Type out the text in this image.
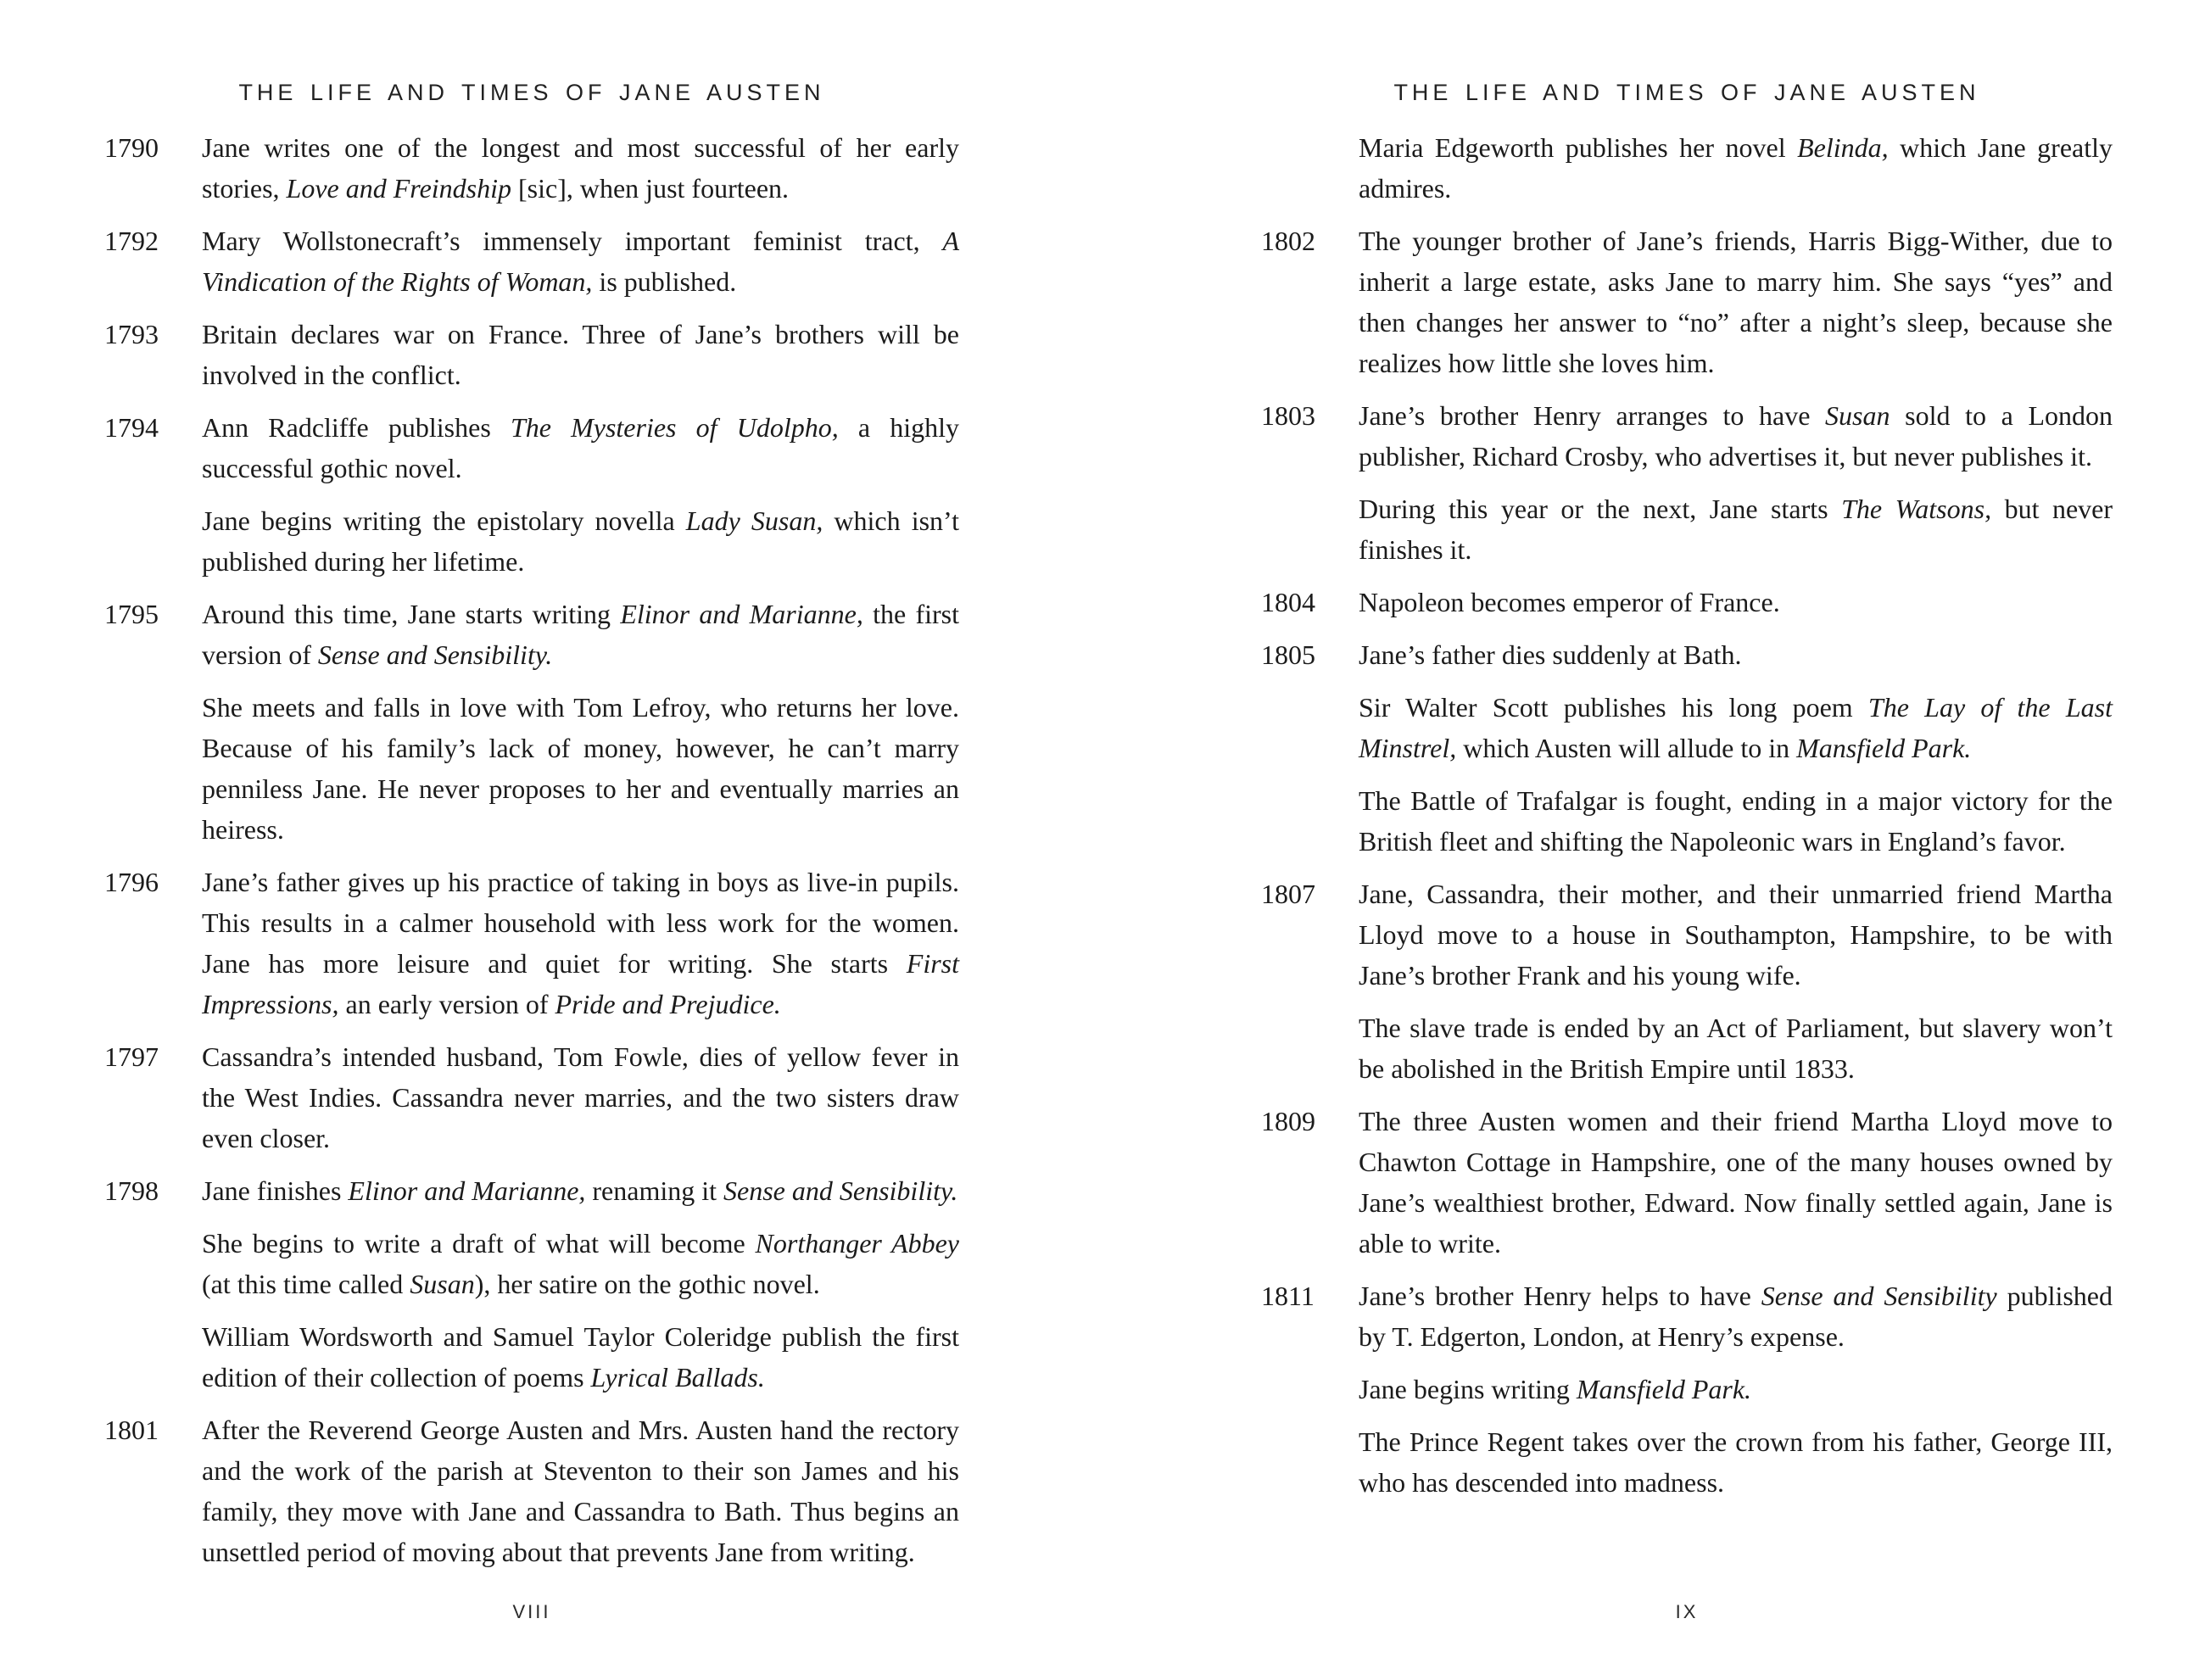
THE LIFE AND TIMES OF JANE AUSTEN
1790	Jane writes one of the longest and most successful of her early stories, Love and Freindship [sic], when just fourteen.
1792	Mary Wollstonecraft’s immensely important feminist tract, A Vindication of the Rights of Woman, is published.
1793	Britain declares war on France. Three of Jane’s brothers will be involved in the conflict.
1794	Ann Radcliffe publishes The Mysteries of Udolpho, a highly successful gothic novel.
Jane begins writing the epistolary novella Lady Susan, which isn’t published during her lifetime.
1795	Around this time, Jane starts writing Elinor and Marianne, the first version of Sense and Sensibility.
She meets and falls in love with Tom Lefroy, who returns her love. Because of his family’s lack of money, however, he can’t marry penniless Jane. He never proposes to her and eventually marries an heiress.
1796	Jane’s father gives up his practice of taking in boys as live-in pupils. This results in a calmer household with less work for the women. Jane has more leisure and quiet for writing. She starts First Impressions, an early version of Pride and Prejudice.
1797	Cassandra’s intended husband, Tom Fowle, dies of yellow fever in the West Indies. Cassandra never marries, and the two sisters draw even closer.
1798	Jane finishes Elinor and Marianne, renaming it Sense and Sensibility.
She begins to write a draft of what will become Northanger Abbey (at this time called Susan), her satire on the gothic novel.
William Wordsworth and Samuel Taylor Coleridge publish the first edition of their collection of poems Lyrical Ballads.
1801	After the Reverend George Austen and Mrs. Austen hand the rectory and the work of the parish at Steventon to their son James and his family, they move with Jane and Cassandra to Bath. Thus begins an unsettled period of moving about that prevents Jane from writing.
VIII
THE LIFE AND TIMES OF JANE AUSTEN
Maria Edgeworth publishes her novel Belinda, which Jane greatly admires.
1802	The younger brother of Jane’s friends, Harris Bigg-Wither, due to inherit a large estate, asks Jane to marry him. She says “yes” and then changes her answer to “no” after a night’s sleep, because she realizes how little she loves him.
1803	Jane’s brother Henry arranges to have Susan sold to a London publisher, Richard Crosby, who advertises it, but never publishes it.
During this year or the next, Jane starts The Watsons, but never finishes it.
1804	Napoleon becomes emperor of France.
1805	Jane’s father dies suddenly at Bath.
Sir Walter Scott publishes his long poem The Lay of the Last Minstrel, which Austen will allude to in Mansfield Park.
The Battle of Trafalgar is fought, ending in a major victory for the British fleet and shifting the Napoleonic wars in England’s favor.
1807	Jane, Cassandra, their mother, and their unmarried friend Martha Lloyd move to a house in Southampton, Hampshire, to be with Jane’s brother Frank and his young wife.
The slave trade is ended by an Act of Parliament, but slavery won’t be abolished in the British Empire until 1833.
1809	The three Austen women and their friend Martha Lloyd move to Chawton Cottage in Hampshire, one of the many houses owned by Jane’s wealthiest brother, Edward. Now finally settled again, Jane is able to write.
1811	Jane’s brother Henry helps to have Sense and Sensibility published by T. Edgerton, London, at Henry’s expense.
Jane begins writing Mansfield Park.
The Prince Regent takes over the crown from his father, George III, who has descended into madness.
IX
